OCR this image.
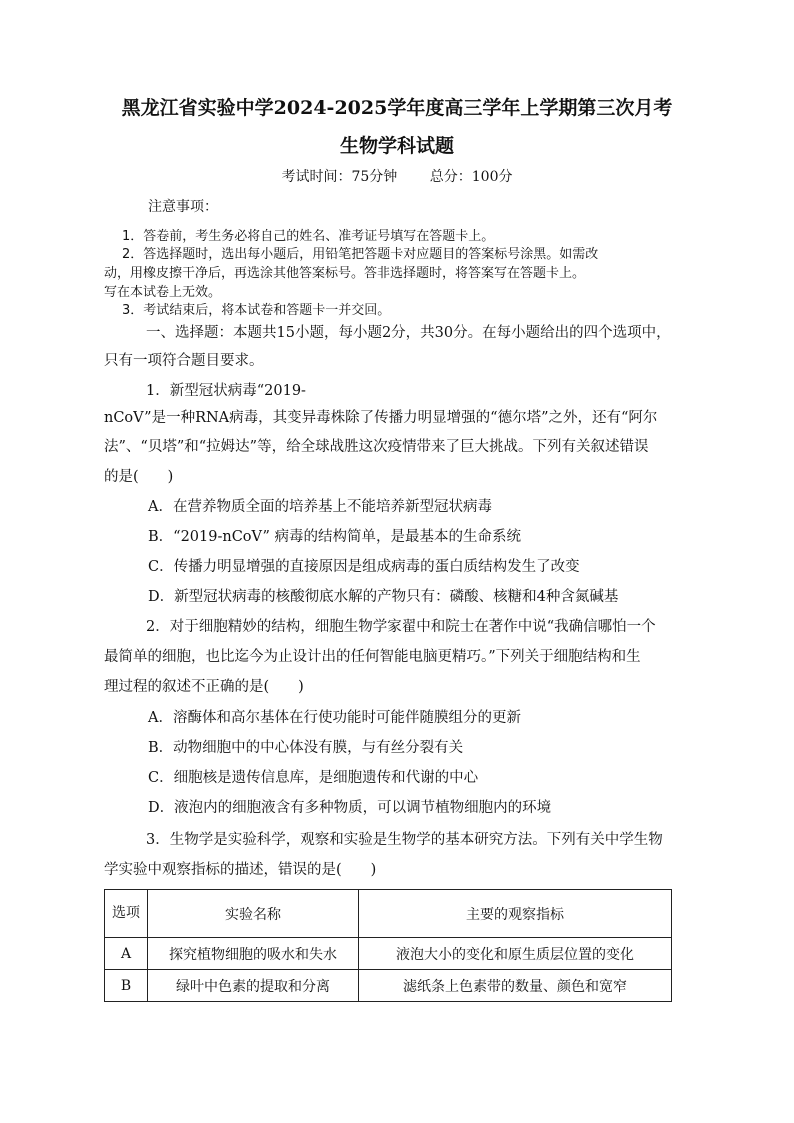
黑龙江省实验中学2024-2025学年度高三学年上学期第三次月考
生物学科试题
考试时间：75分钟 总分：100分
注意事项：
1．答卷前，考生务必将自己的姓名、准考证号填写在答题卡上。
2．答选择题时，选出每小题后，用铅笔把答题卡对应题目的答案标号涂黑。如需改
动，用橡皮擦干净后，再选涂其他答案标号。答非选择题时，将答案写在答题卡上。
写在本试卷上无效。
3．考试结束后，将本试卷和答题卡一并交回。
一、选择题：本题共15小题，每小题2分，共30分。在每小题给出的四个选项中，
只有一项符合题目要求。
1．新型冠状病毒“2019-
nCoV”是一种RNA病毒，其变异毒株除了传播力明显增强的“德尔塔”之外，还有“阿尔
法”、“贝塔”和“拉姆达”等，给全球战胜这次疫情带来了巨大挑战。下列有关叙述错误
的是(　　)
A．在营养物质全面的培养基上不能培养新型冠状病毒
B．“2019-nCoV” 病毒的结构简单，是最基本的生命系统
C．传播力明显增强的直接原因是组成病毒的蛋白质结构发生了改变
D．新型冠状病毒的核酸彻底水解的产物只有：磷酸、核糖和4种含氮碱基
2．对于细胞精妙的结构，细胞生物学家翟中和院士在著作中说“我确信哪怕一个
最简单的细胞，也比迄今为止设计出的任何智能电脑更精巧。”下列关于细胞结构和生
理过程的叙述不正确的是(　　)
A．溶酶体和高尔基体在行使功能时可能伴随膜组分的更新
B．动物细胞中的中心体没有膜，与有丝分裂有关
C．细胞核是遗传信息库，是细胞遗传和代谢的中心
D．液泡内的细胞液含有多种物质，可以调节植物细胞内的环境
3．生物学是实验科学，观察和实验是生物学的基本研究方法。下列有关中学生物
学实验中观察指标的描述，错误的是(　　)
选项	实验名称	主要的观察指标
A	探究植物细胞的吸水和失水	液泡大小的变化和原生质层位置的变化
B	绿叶中色素的提取和分离	滤纸条上色素带的数量、颜色和宽窄
